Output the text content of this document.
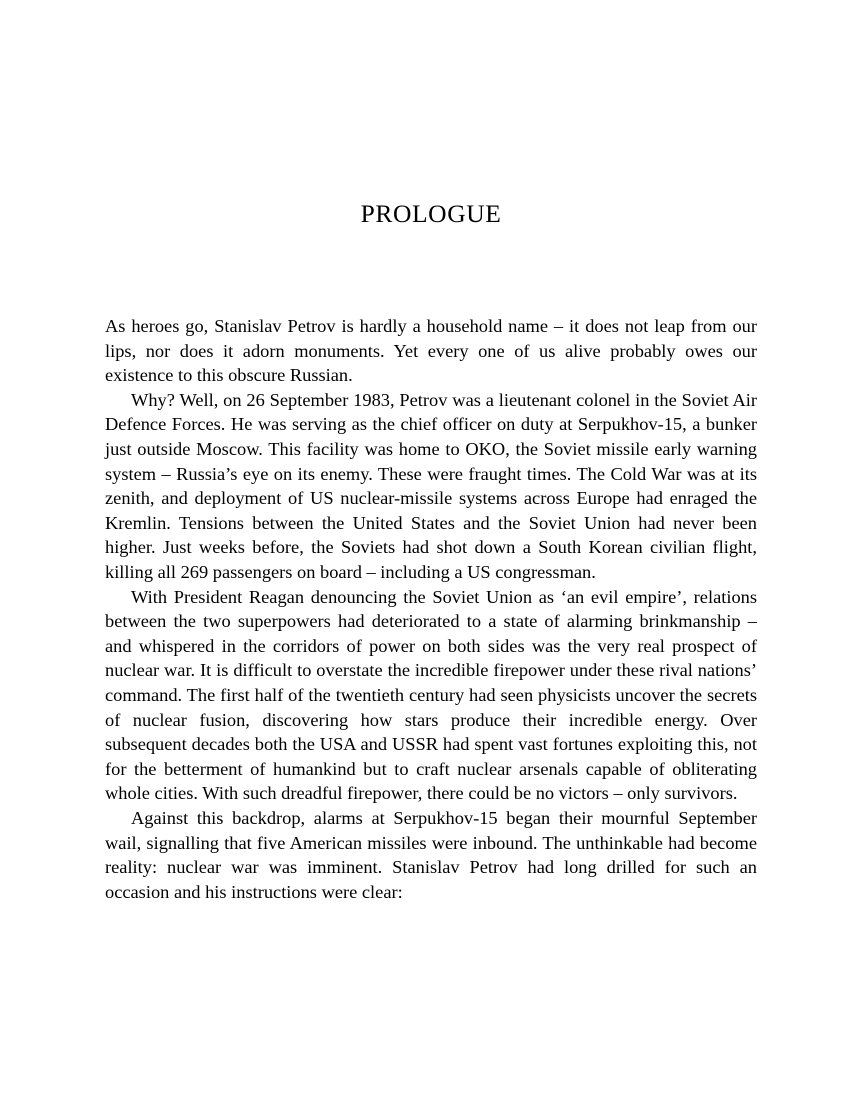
PROLOGUE

As heroes go, Stanislav Petrov is hardly a household name – it does not leap from our lips, nor does it adorn monuments. Yet every one of us alive probably owes our existence to this obscure Russian.

Why? Well, on 26 September 1983, Petrov was a lieutenant colonel in the Soviet Air Defence Forces. He was serving as the chief officer on duty at Serpukhov-15, a bunker just outside Moscow. This facility was home to OKO, the Soviet missile early warning system – Russia’s eye on its enemy. These were fraught times. The Cold War was at its zenith, and deployment of US nuclear-missile systems across Europe had enraged the Kremlin. Tensions between the United States and the Soviet Union had never been higher. Just weeks before, the Soviets had shot down a South Korean civilian flight, killing all 269 passengers on board – including a US congressman.

With President Reagan denouncing the Soviet Union as ‘an evil empire’, relations between the two superpowers had deteriorated to a state of alarming brinkmanship – and whispered in the corridors of power on both sides was the very real prospect of nuclear war. It is difficult to overstate the incredible firepower under these rival nations’ command. The first half of the twentieth century had seen physicists uncover the secrets of nuclear fusion, discovering how stars produce their incredible energy. Over subsequent decades both the USA and USSR had spent vast fortunes exploiting this, not for the betterment of humankind but to craft nuclear arsenals capable of obliterating whole cities. With such dreadful firepower, there could be no victors – only survivors.

Against this backdrop, alarms at Serpukhov-15 began their mournful September wail, signalling that five American missiles were inbound. The unthinkable had become reality: nuclear war was imminent. Stanislav Petrov had long drilled for such an occasion and his instructions were clear:
